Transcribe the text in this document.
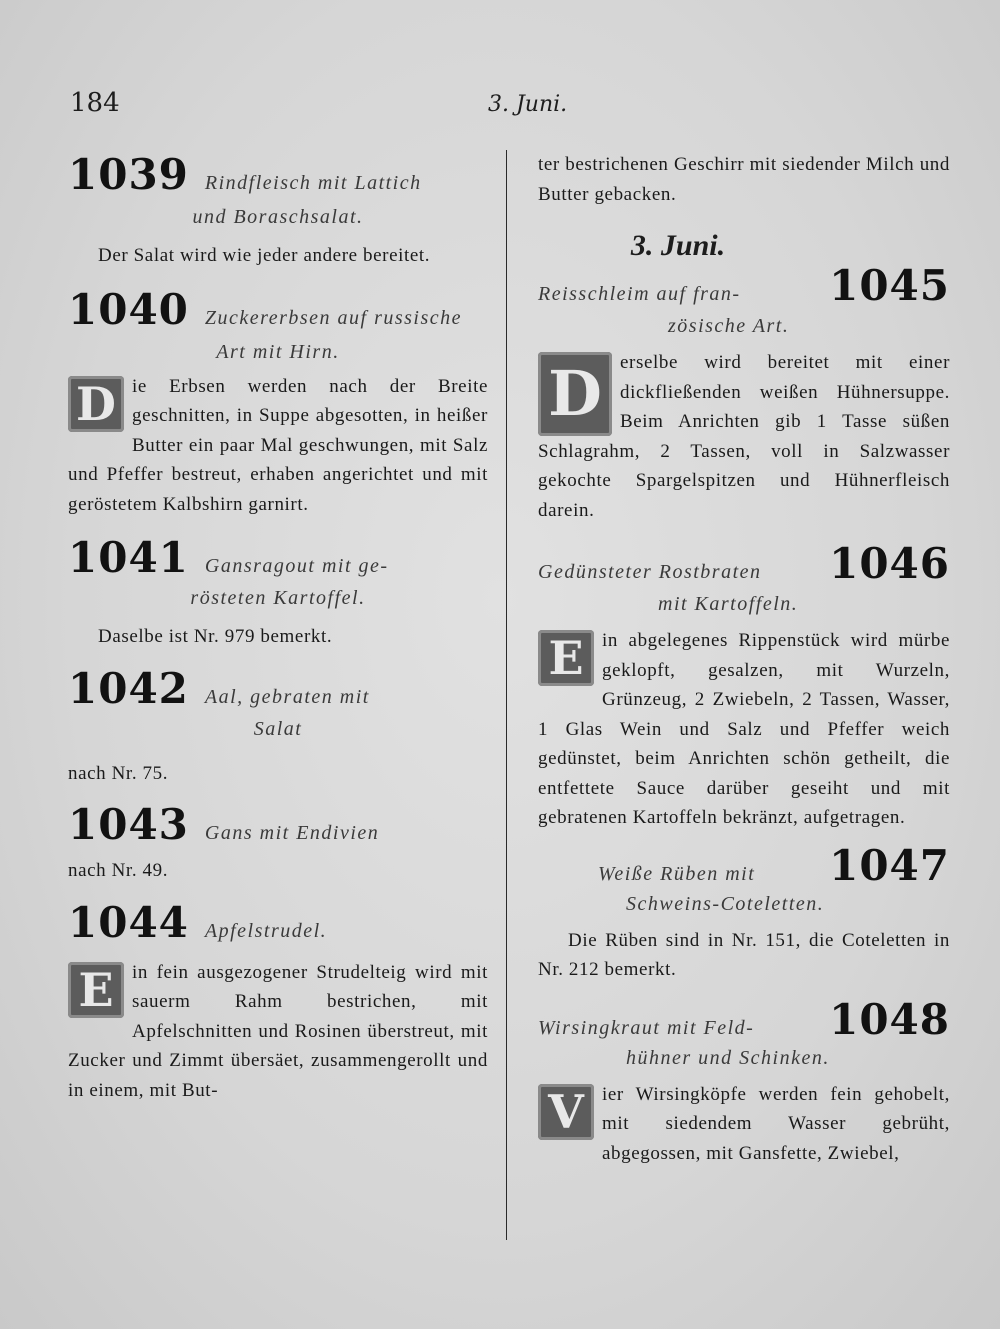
184	3. Juni.
1039 Rindfleisch mit Lattich
und Boraschsalat.

Der Salat wird wie jeder andere bereitet.

1040 Zuckererbsen auf russische
Art mit Hirn.
D ie Erbsen werden nach der Breite geschnitten, in Suppe abgesotten, in heißer Butter ein paar Mal geschwungen, mit Salz und Pfeffer bestreut, erhaben angerichtet und mit geröstetem Kalbshirn garnirt.

1041 Gansragout mit ge-
rösteten Kartoffel.

Daselbe ist Nr. 979 bemerkt.

1042 Aal, gebraten mit
Salat

nach Nr. 75.

1043 Gans mit Endivien

nach Nr. 49.

1044 Apfelstrudel.
E in fein ausgezogener Strudelteig wird mit sauerm Rahm bestrichen, mit Apfelschnitten und Rosinen überstreut, mit Zucker und Zimmt übersäet, zusammengerollt und in einem, mit But-

ter bestrichenen Geschirr mit siedender Milch und Butter gebacken.

3. Juni.
Reisschleim auf fran- 1045
zösische Art.
D erselbe wird bereitet mit einer dickfließenden weißen Hühnersuppe. Beim Anrichten gib 1 Tasse süßen Schlagrahm, 2 Tassen, voll in Salzwasser gekochte Spargelspitzen und Hühnerfleisch darein.

Gedünsteter Rostbraten 1046
mit Kartoffeln.
E in abgelegenes Rippenstück wird mürbe geklopft, gesalzen, mit Wurzeln, Grünzeug, 2 Zwiebeln, 2 Tassen, Wasser, 1 Glas Wein und Salz und Pfeffer weich gedünstet, beim Anrichten schön getheilt, die entfettete Sauce darüber geseiht und mit gebratenen Kartoffeln bekränzt, aufgetragen.

Weiße Rüben mit 1047
Schweins-Coteletten.

Die Rüben sind in Nr. 151, die Coteletten in Nr. 212 bemerkt.

Wirsingkraut mit Feld- 1048
hühner und Schinken.
V ier Wirsingköpfe werden fein gehobelt, mit siedendem Wasser gebrüht, abgegossen, mit Gansfette, Zwiebel,
